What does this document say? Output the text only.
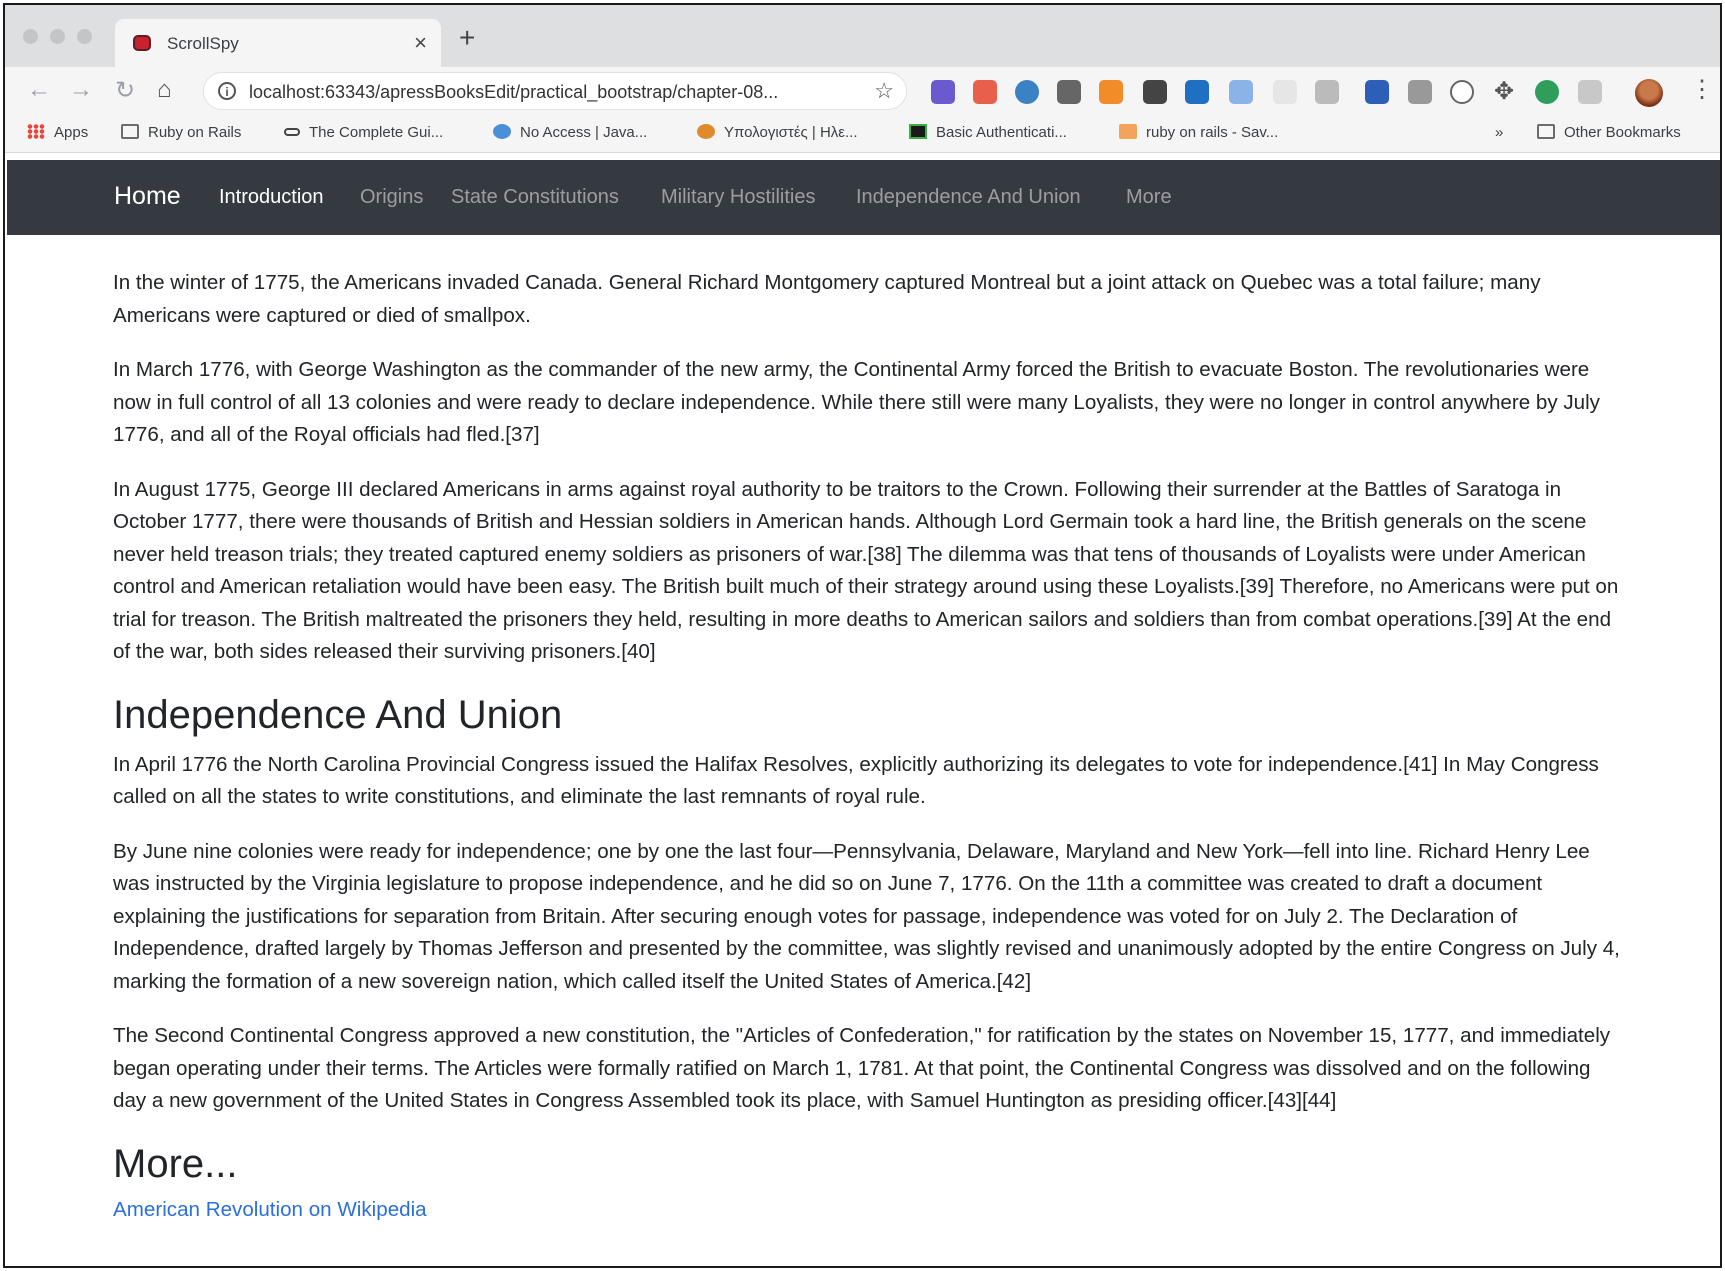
ScrollSpy	× +
← → ↻ ⌂	i	localhost:63343/apressBooksEdit/practical_bootstrap/chapter-08...	☆	✥	⋮
Apps	Ruby on Rails	The Complete Gui...	No Access | Java...	Υπολογιστές | Ηλε...	Basic Authenticati...	ruby on rails - Sav...	»	Other Bookmarks
Home Introduction Origins State Constitutions Military Hostilities Independence And Union More

In the winter of 1775, the Americans invaded Canada. General Richard Montgomery captured Montreal but a joint attack on Quebec was a total failure; many Americans were captured or died of smallpox.

In March 1776, with George Washington as the commander of the new army, the Continental Army forced the British to evacuate Boston. The revolutionaries were now in full control of all 13 colonies and were ready to declare independence. While there still were many Loyalists, they were no longer in control anywhere by July 1776, and all of the Royal officials had fled.[37]

In August 1775, George III declared Americans in arms against royal authority to be traitors to the Crown. Following their surrender at the Battles of Saratoga in October 1777, there were thousands of British and Hessian soldiers in American hands. Although Lord Germain took a hard line, the British generals on the scene never held treason trials; they treated captured enemy soldiers as prisoners of war.[38] The dilemma was that tens of thousands of Loyalists were under American control and American retaliation would have been easy. The British built much of their strategy around using these Loyalists.[39] Therefore, no Americans were put on trial for treason. The British maltreated the prisoners they held, resulting in more deaths to American sailors and soldiers than from combat operations.[39] At the end of the war, both sides released their surviving prisoners.[40]

Independence And Union

In April 1776 the North Carolina Provincial Congress issued the Halifax Resolves, explicitly authorizing its delegates to vote for independence.[41] In May Congress called on all the states to write constitutions, and eliminate the last remnants of royal rule.

By June nine colonies were ready for independence; one by one the last four—Pennsylvania, Delaware, Maryland and New York—fell into line. Richard Henry Lee was instructed by the Virginia legislature to propose independence, and he did so on June 7, 1776. On the 11th a committee was created to draft a document explaining the justifications for separation from Britain. After securing enough votes for passage, independence was voted for on July 2. The Declaration of Independence, drafted largely by Thomas Jefferson and presented by the committee, was slightly revised and unanimously adopted by the entire Congress on July 4, marking the formation of a new sovereign nation, which called itself the United States of America.[42]

The Second Continental Congress approved a new constitution, the "Articles of Confederation," for ratification by the states on November 15, 1777, and immediately began operating under their terms. The Articles were formally ratified on March 1, 1781. At that point, the Continental Congress was dissolved and on the following day a new government of the United States in Congress Assembled took its place, with Samuel Huntington as presiding officer.[43][44]

More...
American Revolution on Wikipedia
